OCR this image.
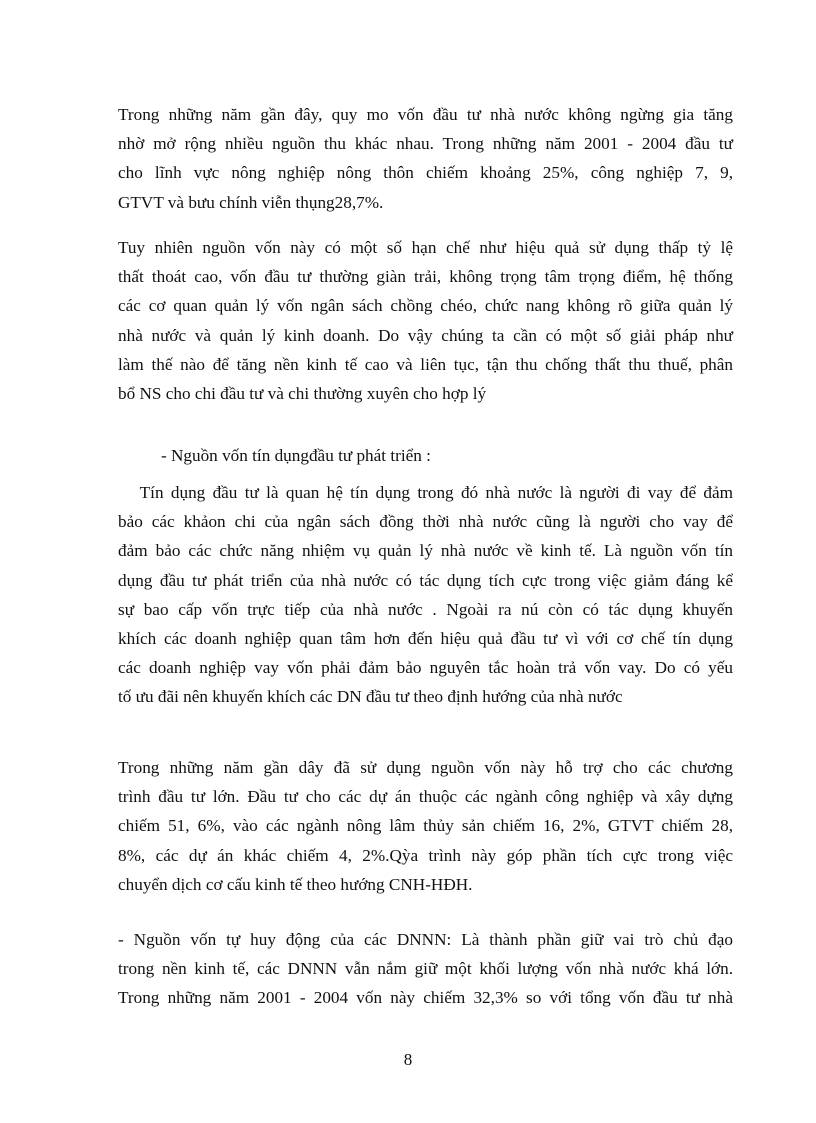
Trong những năm gần đây, quy mo vốn đầu tư nhà nước không ngừng gia tăng
nhờ mở rộng nhiều nguồn thu khác nhau. Trong những năm 2001 - 2004 đầu tư
cho lĩnh vực nông nghiệp nông thôn chiếm khoảng 25%, công nghiệp 7, 9,
GTVT và bưu chính viễn thụng28,7%.
Tuy nhiên nguồn vốn này có một số hạn chế như hiệu quả sử dụng thấp tỷ lệ
thất thoát cao, vốn đầu tư thường giàn trải, không trọng tâm trọng điểm, hệ thống
các cơ quan quản lý vốn ngân sách chồng chéo, chức nang không rõ giữa quản lý
nhà nước và quản lý kinh doanh. Do vậy chúng ta cần có một số giải pháp như
làm thế nào để tăng nền kinh tế cao và liên tục, tận thu chống thất thu thuế, phân
bổ NS cho chi đầu tư và chi thường xuyên cho hợp lý
- Nguồn vốn tín dụngđầu tư phát triển :
Tín dụng đầu tư là quan hệ tín dụng trong đó nhà nước là người đi vay để đảm
bảo các khảon chi của ngân sách đồng thời nhà nước cũng là người cho vay để
đảm bảo các chức năng nhiệm vụ quản lý nhà nước về kinh tế. Là nguồn vốn tín
dụng đầu tư phát triển của nhà nước có tác dụng tích cực trong việc giảm đáng kể
sự bao cấp vốn trực tiếp của nhà nước . Ngoài ra nú còn có tác dụng khuyến
khích các doanh nghiệp quan tâm hơn đến hiệu quả đầu tư vì với cơ chế tín dụng
các doanh nghiệp vay vốn phải đảm bảo nguyên tắc hoàn trả vốn vay. Do có yếu
tố ưu đãi nên khuyến khích các DN đầu tư theo định hướng của nhà nước
Trong những năm gần dây đã sử dụng nguồn vốn này hỗ trợ cho các chương
trình đầu tư lớn. Đầu tư cho các dự án thuộc các ngành công nghiệp và xây dựng
chiếm 51, 6%, vào các ngành nông lâm thủy sản chiếm 16, 2%, GTVT chiếm 28,
8%, các dự án khác chiếm 4, 2%.Qỳa trình này góp phần tích cực trong việc
chuyển dịch cơ cấu kinh tế theo hướng CNH-HĐH.
- Nguồn vốn tự huy động của các DNNN: Là thành phần giữ vai trò chủ đạo
trong nền kinh tế, các DNNN vẫn nắm giữ một khối lượng vốn nhà nước khá lớn.
Trong những năm 2001 - 2004 vốn này chiếm 32,3% so với tổng vốn đầu tư nhà
8
